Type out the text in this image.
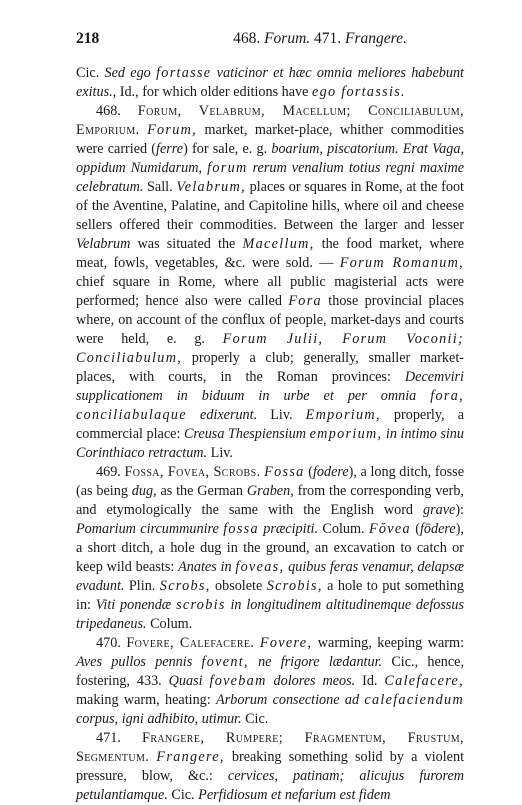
218	468. Forum. 471. Frangere.

Cic. Sed ego fortasse vaticinor et hæc omnia meliores habebunt exitus., Id., for which older editions have ego fortassis.

468. Forum, Velabrum, Macellum; Conciliabulum, Emporium. Forum, market, market-place, whither commodities were carried (ferre) for sale, e. g. boarium, piscatorium. Erat Vaga, oppidum Numidarum, forum rerum venalium totius regni maxime celebratum. Sall. Velabrum, places or squares in Rome, at the foot of the Aventine, Palatine, and Capitoline hills, where oil and cheese sellers offered their commodities. Between the larger and lesser Velabrum was situated the Macellum, the food market, where meat, fowls, vegetables, &c. were sold. — Forum Romanum, chief square in Rome, where all public magisterial acts were performed; hence also were called Fora those provincial places where, on account of the conflux of people, market-days and courts were held, e. g. Forum Julii, Forum Voconii; Conciliabulum, properly a club; generally, smaller market-places, with courts, in the Roman provinces: Decemviri supplicationem in biduum in urbe et per omnia fora, conciliabulaque edixerunt. Liv. Emporium, properly, a commercial place: Creusa Thespiensium emporium, in intimo sinu Corinthiaco retractum. Liv.

469. Fossa, Fovea, Scrobs. Fossa (fodere), a long ditch, fosse (as being dug, as the German Graben, from the corresponding verb, and etymologically the same with the English word grave): Pomarium circummunire fossa præcipiti. Colum. Fŏvea (fōdere), a short ditch, a hole dug in the ground, an excavation to catch or keep wild beasts: Anates in foveas, quibus feras venamur, delapsæ evadunt. Plin. Scrobs, obsolete Scrobis, a hole to put something in: Viti ponendæ scrobis in longitudinem altitudinemque defossus tripedaneus. Colum.

470. Fovere, Calefacere. Fovere, warming, keeping warm: Aves pullos pennis fovent, ne frigore lædantur. Cic., hence, fostering, 433. Quasi fovebam dolores meos. Id. Calefacere, making warm, heating: Arborum consectione ad calefaciendum corpus, igni adhibito, utimur. Cic.

471. Frangere, Rumpere; Fragmentum, Frustum, Segmentum. Frangere, breaking something solid by a violent pressure, blow, &c.: cervices, patinam; alicujus furorem petulantiamque. Cic. Perfidiosum et nefarium est fidem
